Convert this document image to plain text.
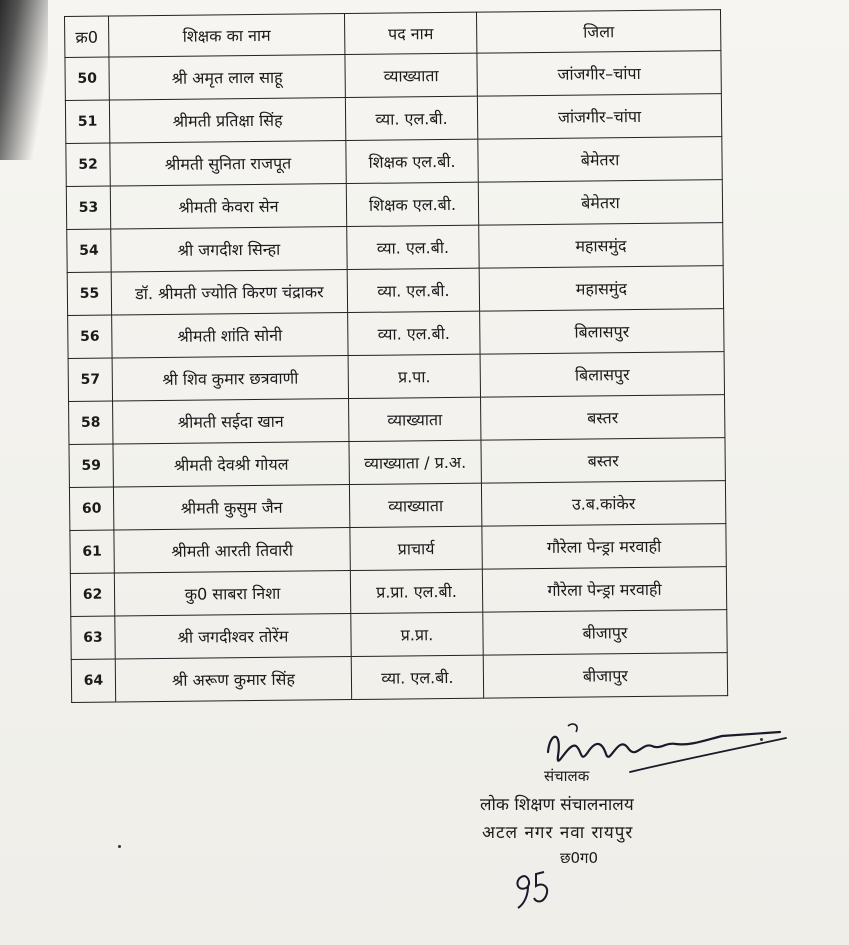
क्र0	शिक्षक का नाम	पद नाम	जिला
50	श्री अमृत लाल साहू	व्याख्याता	जांजगीर–चांपा
51	श्रीमती प्रतिक्षा सिंह	व्या. एल.बी.	जांजगीर–चांपा
52	श्रीमती सुनिता राजपूत	शिक्षक एल.बी.	बेमेतरा
53	श्रीमती केवरा सेन	शिक्षक एल.बी.	बेमेतरा
54	श्री जगदीश सिन्हा	व्या. एल.बी.	महासमुंद
55	डॉ. श्रीमती ज्योति किरण चंद्राकर	व्या. एल.बी.	महासमुंद
56	श्रीमती शांति सोनी	व्या. एल.बी.	बिलासपुर
57	श्री शिव कुमार छत्रवाणी	प्र.पा.	बिलासपुर
58	श्रीमती सईदा खान	व्याख्याता	बस्तर
59	श्रीमती देवश्री गोयल	व्याख्याता / प्र.अ.	बस्तर
60	श्रीमती कुसुम जैन	व्याख्याता	उ.ब.कांकेर
61	श्रीमती आरती तिवारी	प्राचार्य	गौरेला पेन्ड्रा मरवाही
62	कु0 साबरा निशा	प्र.प्रा. एल.बी.	गौरेला पेन्ड्रा मरवाही
63	श्री जगदीश्वर तोरेंम	प्र.प्रा.	बीजापुर
64	श्री अरूण कुमार सिंह	व्या. एल.बी.	बीजापुर
संचालक
लोक शिक्षण संचालनालय
अटल नगर नवा रायपुर
छ0ग0
